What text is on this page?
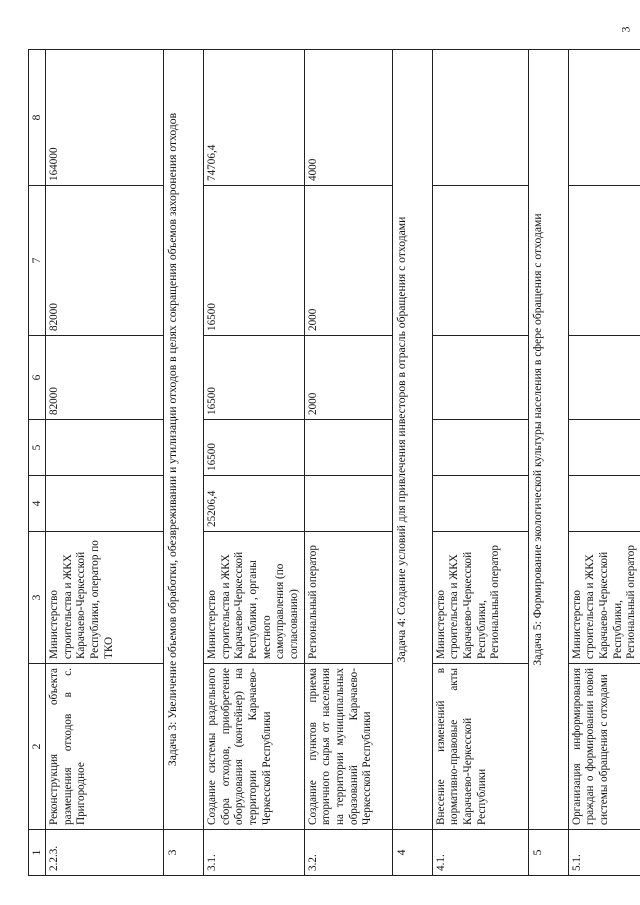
3
1	2	3	4	5	6	7	8
2.2.3.	Реконструкция объекта размещения отходов в с. Пригородное	Министерство строительства и ЖКХ Карачаево-Черкесской Республики, оператор по ТКО			82000	82000	164000
3	Задача 3: Увеличение объемов обработки, обезвреживании и утилизации отходов в целях сокращения объемов захоронения отходов						
3.1.	Создание системы раздельного сбора отходов, приобретение оборудования (контейнер) на территории Карачаево-Черкесской Республики	Министерство строительства и ЖКХ Карачаево-Черкесской Республики , органы местного самоуправления (по согласованию)	25206,4	16500	16500	16500	74706,4
3.2.	Создание пунктов приема вторичного сырья от населения на территории муниципальных образований Карачаево-Черкесской Республики	Региональный оператор			2000	2000	4000
4	Задача 4: Создание условий для привлечения инвесторов в отрасль обращения с отходами						
4.1.	Внесение изменений в нормативно-правовые акты Карачаево-Черкесской Республики	Министерство строительства и ЖКХ Карачаево-Черкесской Республики, Региональный оператор					
5	Задача 5: Формирование экологической культуры населения в сфере обращения с отходами						
5.1.	Организация информирования граждан о формировании новой системы обращения с отходами	Министерство строительства и ЖКХ Карачаево-Черкесской Республики, Региональный оператор					
